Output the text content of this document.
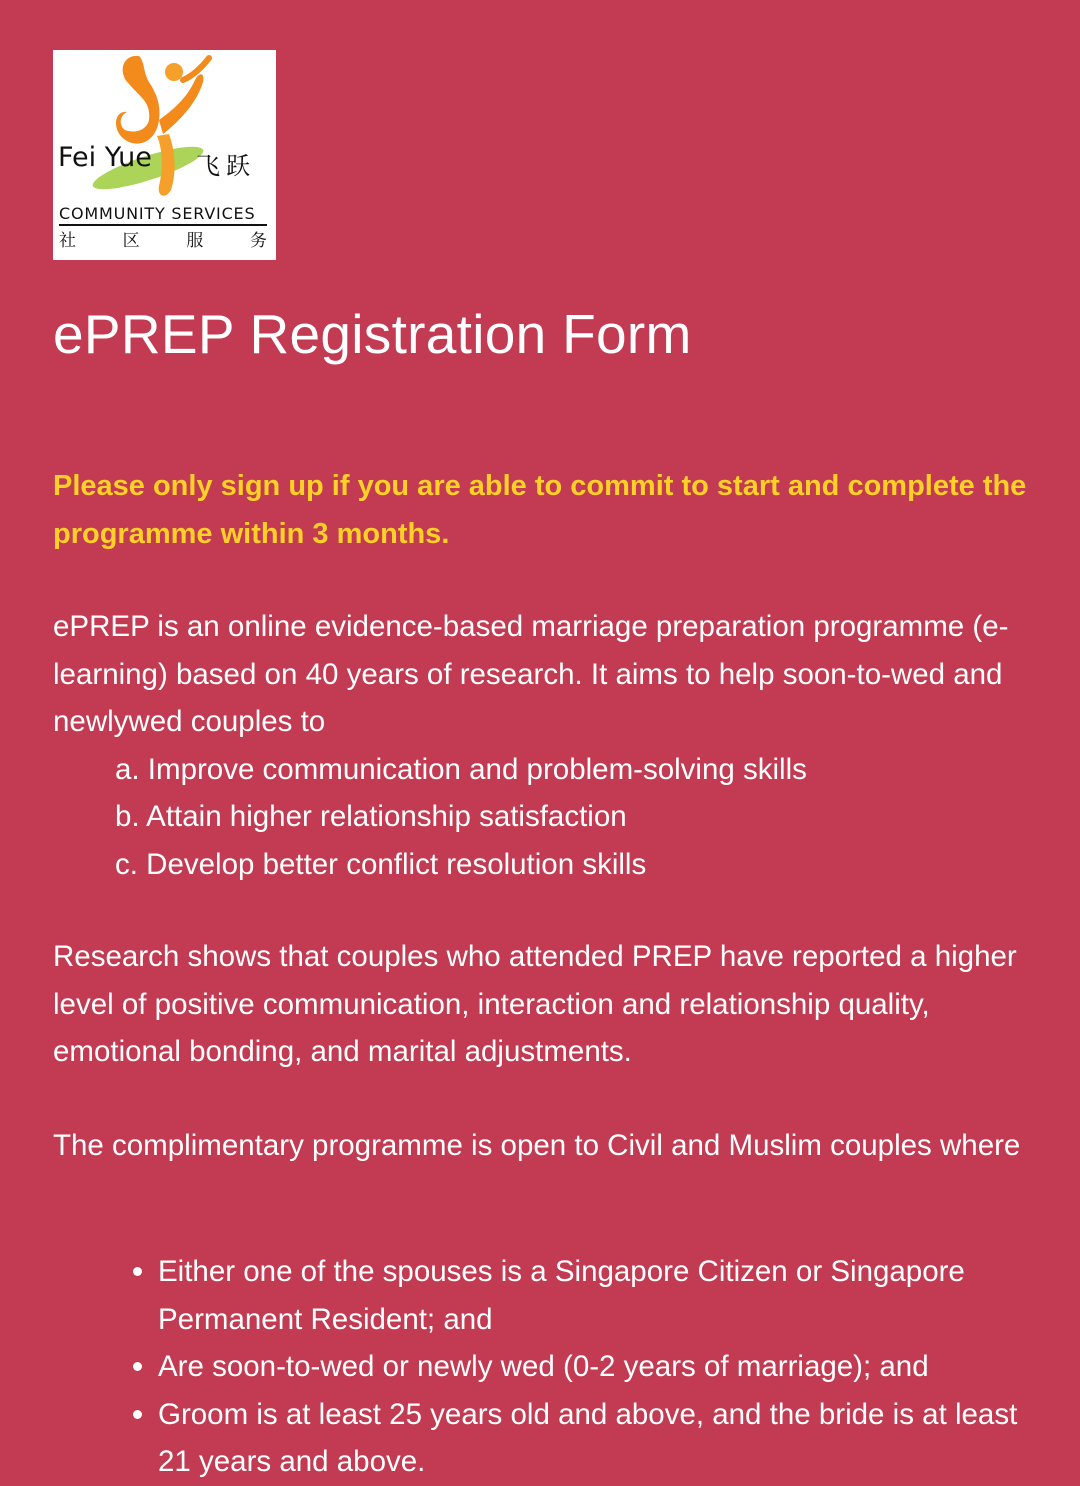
Fei Yue 飞跃
COMMUNITY SERVICES
社	区	服	务
ePREP Registration Form
Please only sign up if you are able to commit to start and complete the programme within 3 months.
ePREP is an online evidence-based marriage preparation programme (e-learning) based on 40 years of research. It aims to help soon-to-wed and newlywed couples to
a. Improve communication and problem-solving skills
b. Attain higher relationship satisfaction
c. Develop better conflict resolution skills
Research shows that couples who attended PREP have reported a higher level of positive communication, interaction and relationship quality, emotional bonding, and marital adjustments.
The complimentary programme is open to Civil and Muslim couples where
Either one of the spouses is a Singapore Citizen or Singapore Permanent Resident; and
Are soon-to-wed or newly wed (0-2 years of marriage); and
Groom is at least 25 years old and above, and the bride is at least 21 years and above.
